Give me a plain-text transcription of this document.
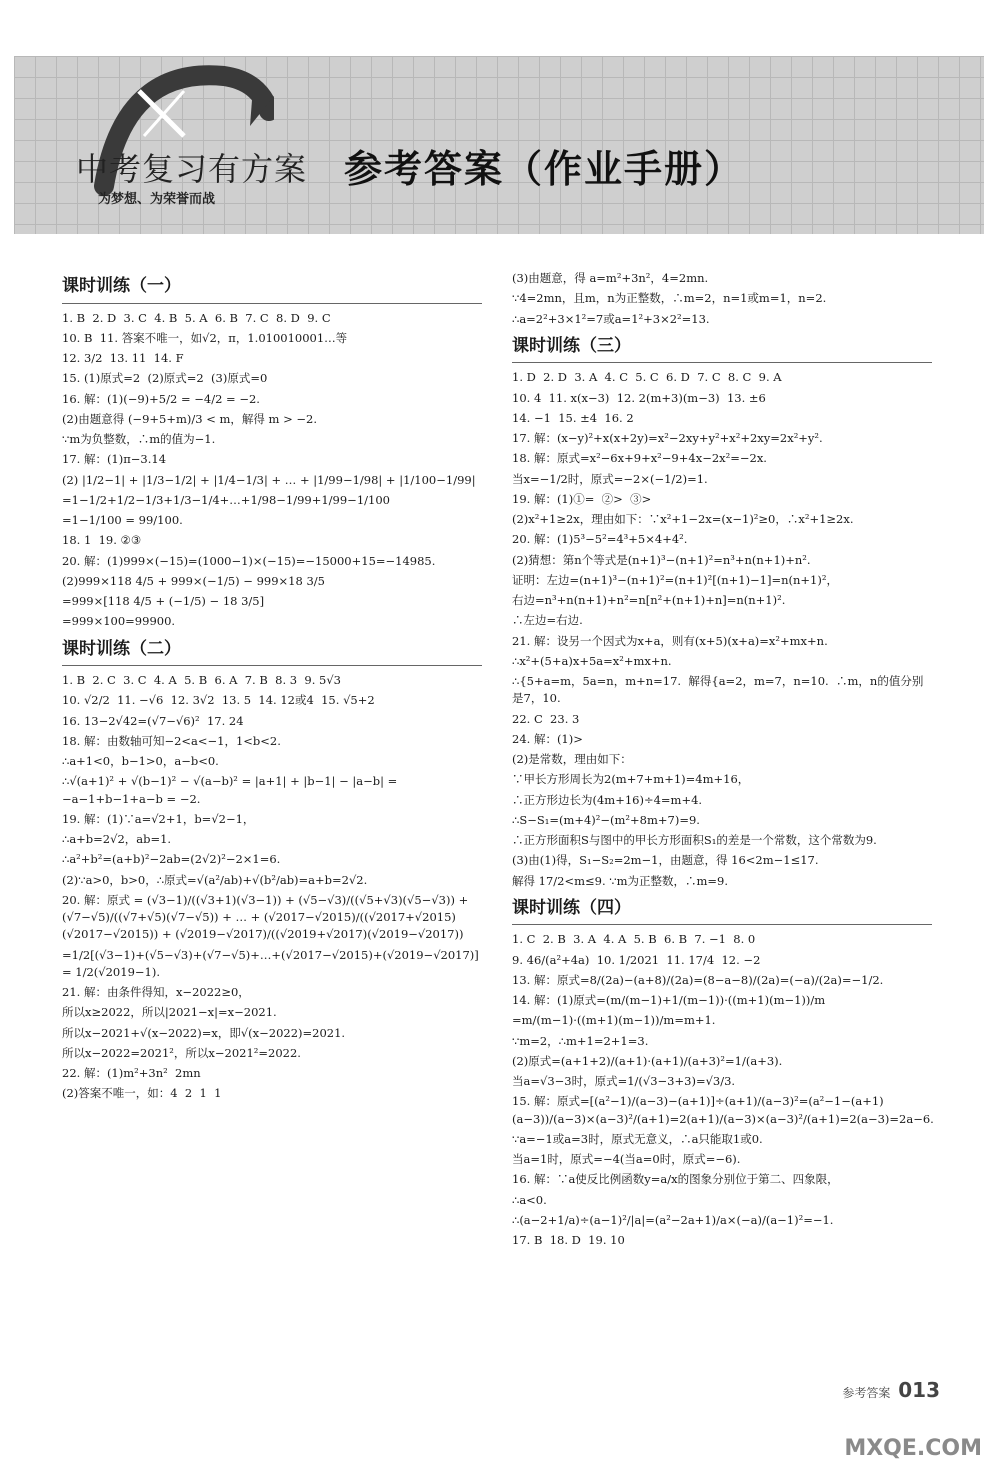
中考复习有方案
为梦想、为荣誉而战
参考答案（作业手册）
课时训练（一）
1. B  2. D  3. C  4. B  5. A  6. B  7. C  8. D  9. C
10. B  11. 答案不唯一，如√2，π，1.010010001…等
12. 3/2  13. 11  14. F
15. (1)原式=2  (2)原式=2  (3)原式=0
16. 解：(1)(−9)+5/2 = −4/2 = −2.
(2)由题意得 (−9+5+m)/3 < m，解得 m > −2.
∵m为负整数，∴m的值为−1.
17. 解：(1)π−3.14
(2) |1/2−1| + |1/3−1/2| + |1/4−1/3| + … + |1/99−1/98| + |1/100−1/99|
=1−1/2+1/2−1/3+1/3−1/4+…+1/98−1/99+1/99−1/100
=1−1/100 = 99/100.
18. 1  19. ②③
20. 解：(1)999×(−15)=(1000−1)×(−15)=−15000+15=−14985.
(2)999×118 4/5 + 999×(−1/5) − 999×18 3/5
=999×[118 4/5 + (−1/5) − 18 3/5]
=999×100=99900.
课时训练（二）
1. B  2. C  3. C  4. A  5. B  6. A  7. B  8. 3  9. 5√3
10. √2/2  11. −√6  12. 3√2  13. 5  14. 12或4  15. √5+2
16. 13−2√42=(√7−√6)²  17. 24
18. 解：由数轴可知−2<a<−1，1<b<2.
∴a+1<0，b−1>0，a−b<0.
∴√(a+1)² + √(b−1)² − √(a−b)² = |a+1| + |b−1| − |a−b| = −a−1+b−1+a−b = −2.
19. 解：(1)∵a=√2+1，b=√2−1，
∴a+b=2√2，ab=1.
∴a²+b²=(a+b)²−2ab=(2√2)²−2×1=6.
(2)∵a>0，b>0，∴原式=√(a²/ab)+√(b²/ab)=a+b=2√2.
20. 解：原式 = (√3−1)/((√3+1)(√3−1)) + (√5−√3)/((√5+√3)(√5−√3)) + (√7−√5)/((√7+√5)(√7−√5)) + … + (√2017−√2015)/((√2017+√2015)(√2017−√2015)) + (√2019−√2017)/((√2019+√2017)(√2019−√2017))
=1/2[(√3−1)+(√5−√3)+(√7−√5)+…+(√2017−√2015)+(√2019−√2017)] = 1/2(√2019−1).
21. 解：由条件得知，x−2022≥0，
所以x≥2022，所以|2021−x|=x−2021.
所以x−2021+√(x−2022)=x，即√(x−2022)=2021.
所以x−2022=2021²，所以x−2021²=2022.
22. 解：(1)m²+3n²  2mn
(2)答案不唯一，如：4  2  1  1
(3)由题意，得 a=m²+3n²，4=2mn.
∵4=2mn，且m，n为正整数，∴m=2，n=1或m=1，n=2.
∴a=2²+3×1²=7或a=1²+3×2²=13.
课时训练（三）
1. D  2. D  3. A  4. C  5. C  6. D  7. C  8. C  9. A
10. 4  11. x(x−3)  12. 2(m+3)(m−3)  13. ±6
14. −1  15. ±4  16. 2
17. 解：(x−y)²+x(x+2y)=x²−2xy+y²+x²+2xy=2x²+y².
18. 解：原式=x²−6x+9+x²−9+4x−2x²=−2x.
当x=−1/2时，原式=−2×(−1/2)=1.
19. 解：(1)①=  ②>  ③>
(2)x²+1≥2x，理由如下：∵x²+1−2x=(x−1)²≥0，∴x²+1≥2x.
20. 解：(1)5³−5²=4³+5×4+4².
(2)猜想：第n个等式是(n+1)³−(n+1)²=n³+n(n+1)+n².
证明：左边=(n+1)³−(n+1)²=(n+1)²[(n+1)−1]=n(n+1)²，
右边=n³+n(n+1)+n²=n[n²+(n+1)+n]=n(n+1)².
∴左边=右边.
21. 解：设另一个因式为x+a，则有(x+5)(x+a)=x²+mx+n.
∴x²+(5+a)x+5a=x²+mx+n.
∴{5+a=m，5a=n，m+n=17.  解得{a=2，m=7，n=10.  ∴m，n的值分别是7，10.
22. C  23. 3
24. 解：(1)>
(2)是常数，理由如下：
∵甲长方形周长为2(m+7+m+1)=4m+16，
∴正方形边长为(4m+16)÷4=m+4.
∴S−S₁=(m+4)²−(m²+8m+7)=9.
∴正方形面积S与图中的甲长方形面积S₁的差是一个常数，这个常数为9.
(3)由(1)得，S₁−S₂=2m−1，由题意，得 16<2m−1≤17.
解得 17/2<m≤9. ∵m为正整数，∴m=9.
课时训练（四）
1. C  2. B  3. A  4. A  5. B  6. B  7. −1  8. 0
9. 46/(a²+4a)  10. 1/2021  11. 17/4  12. −2
13. 解：原式=8/(2a)−(a+8)/(2a)=(8−a−8)/(2a)=(−a)/(2a)=−1/2.
14. 解：(1)原式=(m/(m−1)+1/(m−1))·((m+1)(m−1))/m
=m/(m−1)·((m+1)(m−1))/m=m+1.
∵m=2，∴m+1=2+1=3.
(2)原式=(a+1+2)/(a+1)·(a+1)/(a+3)²=1/(a+3).
当a=√3−3时，原式=1/(√3−3+3)=√3/3.
15. 解：原式=[(a²−1)/(a−3)−(a+1)]÷(a+1)/(a−3)²=(a²−1−(a+1)(a−3))/(a−3)×(a−3)²/(a+1)=2(a+1)/(a−3)×(a−3)²/(a+1)=2(a−3)=2a−6.
∵a=−1或a=3时，原式无意义，∴a只能取1或0.
当a=1时，原式=−4(当a=0时，原式=−6).
16. 解：∵a使反比例函数y=a/x的图象分别位于第二、四象限，
∴a<0.
∴(a−2+1/a)÷(a−1)²/|a|=(a²−2a+1)/a×(−a)/(a−1)²=−1.
17. B  18. D  19. 10
参考答案 013
MXQE.COM
